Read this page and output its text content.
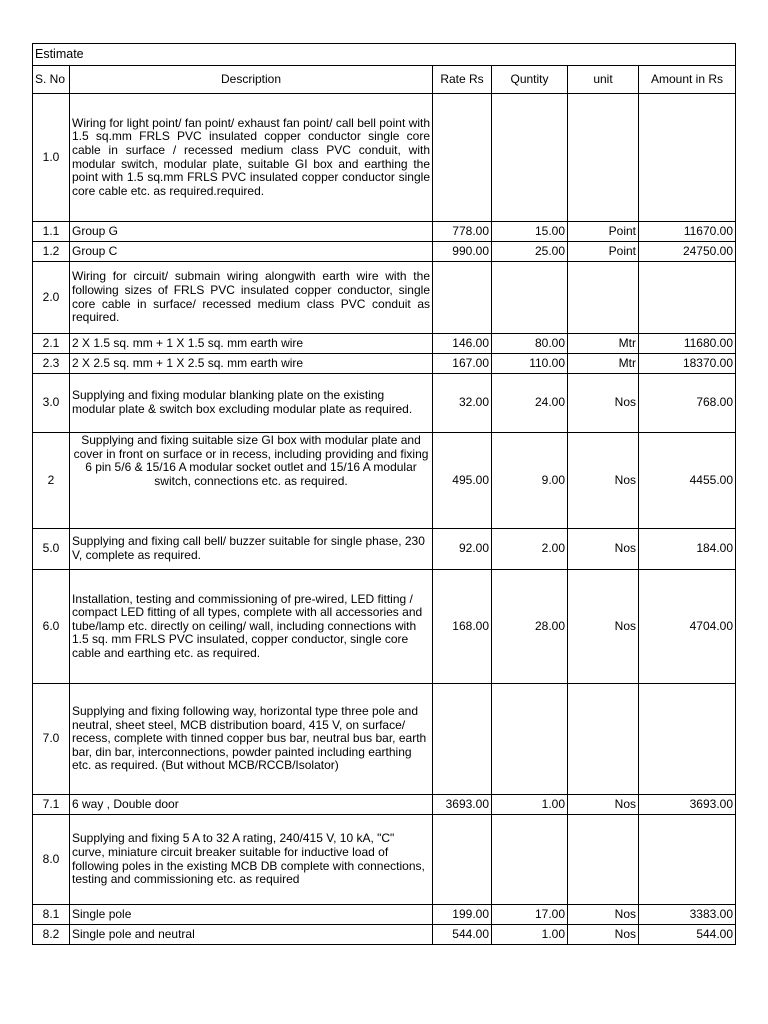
Estimate					
S. No	Description	Rate Rs	Quntity	unit	Amount in Rs
1.0	Wiring for light point/ fan point/ exhaust fan point/ call bell point with 1.5 sq.mm FRLS PVC insulated copper conductor single core cable in surface / recessed medium class PVC conduit, with modular switch, modular plate, suitable GI box and earthing the point with 1.5 sq.mm FRLS PVC insulated copper conductor single core cable etc. as required.required.				
1.1	Group G	778.00	15.00	Point	11670.00
1.2	Group C	990.00	25.00	Point	24750.00
2.0	Wiring for circuit/ submain wiring alongwith earth wire with the following sizes of FRLS PVC insulated copper conductor, single core cable in surface/ recessed medium class PVC conduit as required.				
2.1	2 X 1.5 sq. mm + 1 X 1.5 sq. mm earth wire	146.00	80.00	Mtr	11680.00
2.3	2 X 2.5 sq. mm + 1 X 2.5 sq. mm earth wire	167.00	110.00	Mtr	18370.00
3.0	Supplying and fixing modular blanking plate on the existing modular plate & switch box excluding modular plate as required.	32.00	24.00	Nos	768.00
2	Supplying and fixing suitable size GI box with modular plate and cover in front on surface or in recess, including providing and fixing 6 pin 5/6 & 15/16 A modular socket outlet and 15/16 A modular switch, connections etc. as required.	495.00	9.00	Nos	4455.00
5.0	Supplying and fixing call bell/ buzzer suitable for single phase, 230 V, complete as required.	92.00	2.00	Nos	184.00
6.0	Installation, testing and commissioning of pre-wired, LED fitting / compact LED fitting of all types, complete with all accessories and tube/lamp etc. directly on ceiling/ wall, including connections with 1.5 sq. mm FRLS PVC insulated, copper conductor, single core cable and earthing etc. as required.	168.00	28.00	Nos	4704.00
7.0	Supplying and fixing following way, horizontal type three pole and neutral, sheet steel, MCB distribution board, 415 V, on surface/ recess, complete with tinned copper bus bar, neutral bus bar, earth bar, din bar, interconnections, powder painted including earthing etc. as required. (But without MCB/RCCB/Isolator)				
7.1	6 way , Double door	3693.00	1.00	Nos	3693.00
8.0	Supplying and fixing 5 A to 32 A rating, 240/415 V, 10 kA, "C" curve, miniature circuit breaker suitable for inductive load of following poles in the existing MCB DB complete with connections, testing and commissioning etc. as required				
8.1	Single pole	199.00	17.00	Nos	3383.00
8.2	Single pole and neutral	544.00	1.00	Nos	544.00
